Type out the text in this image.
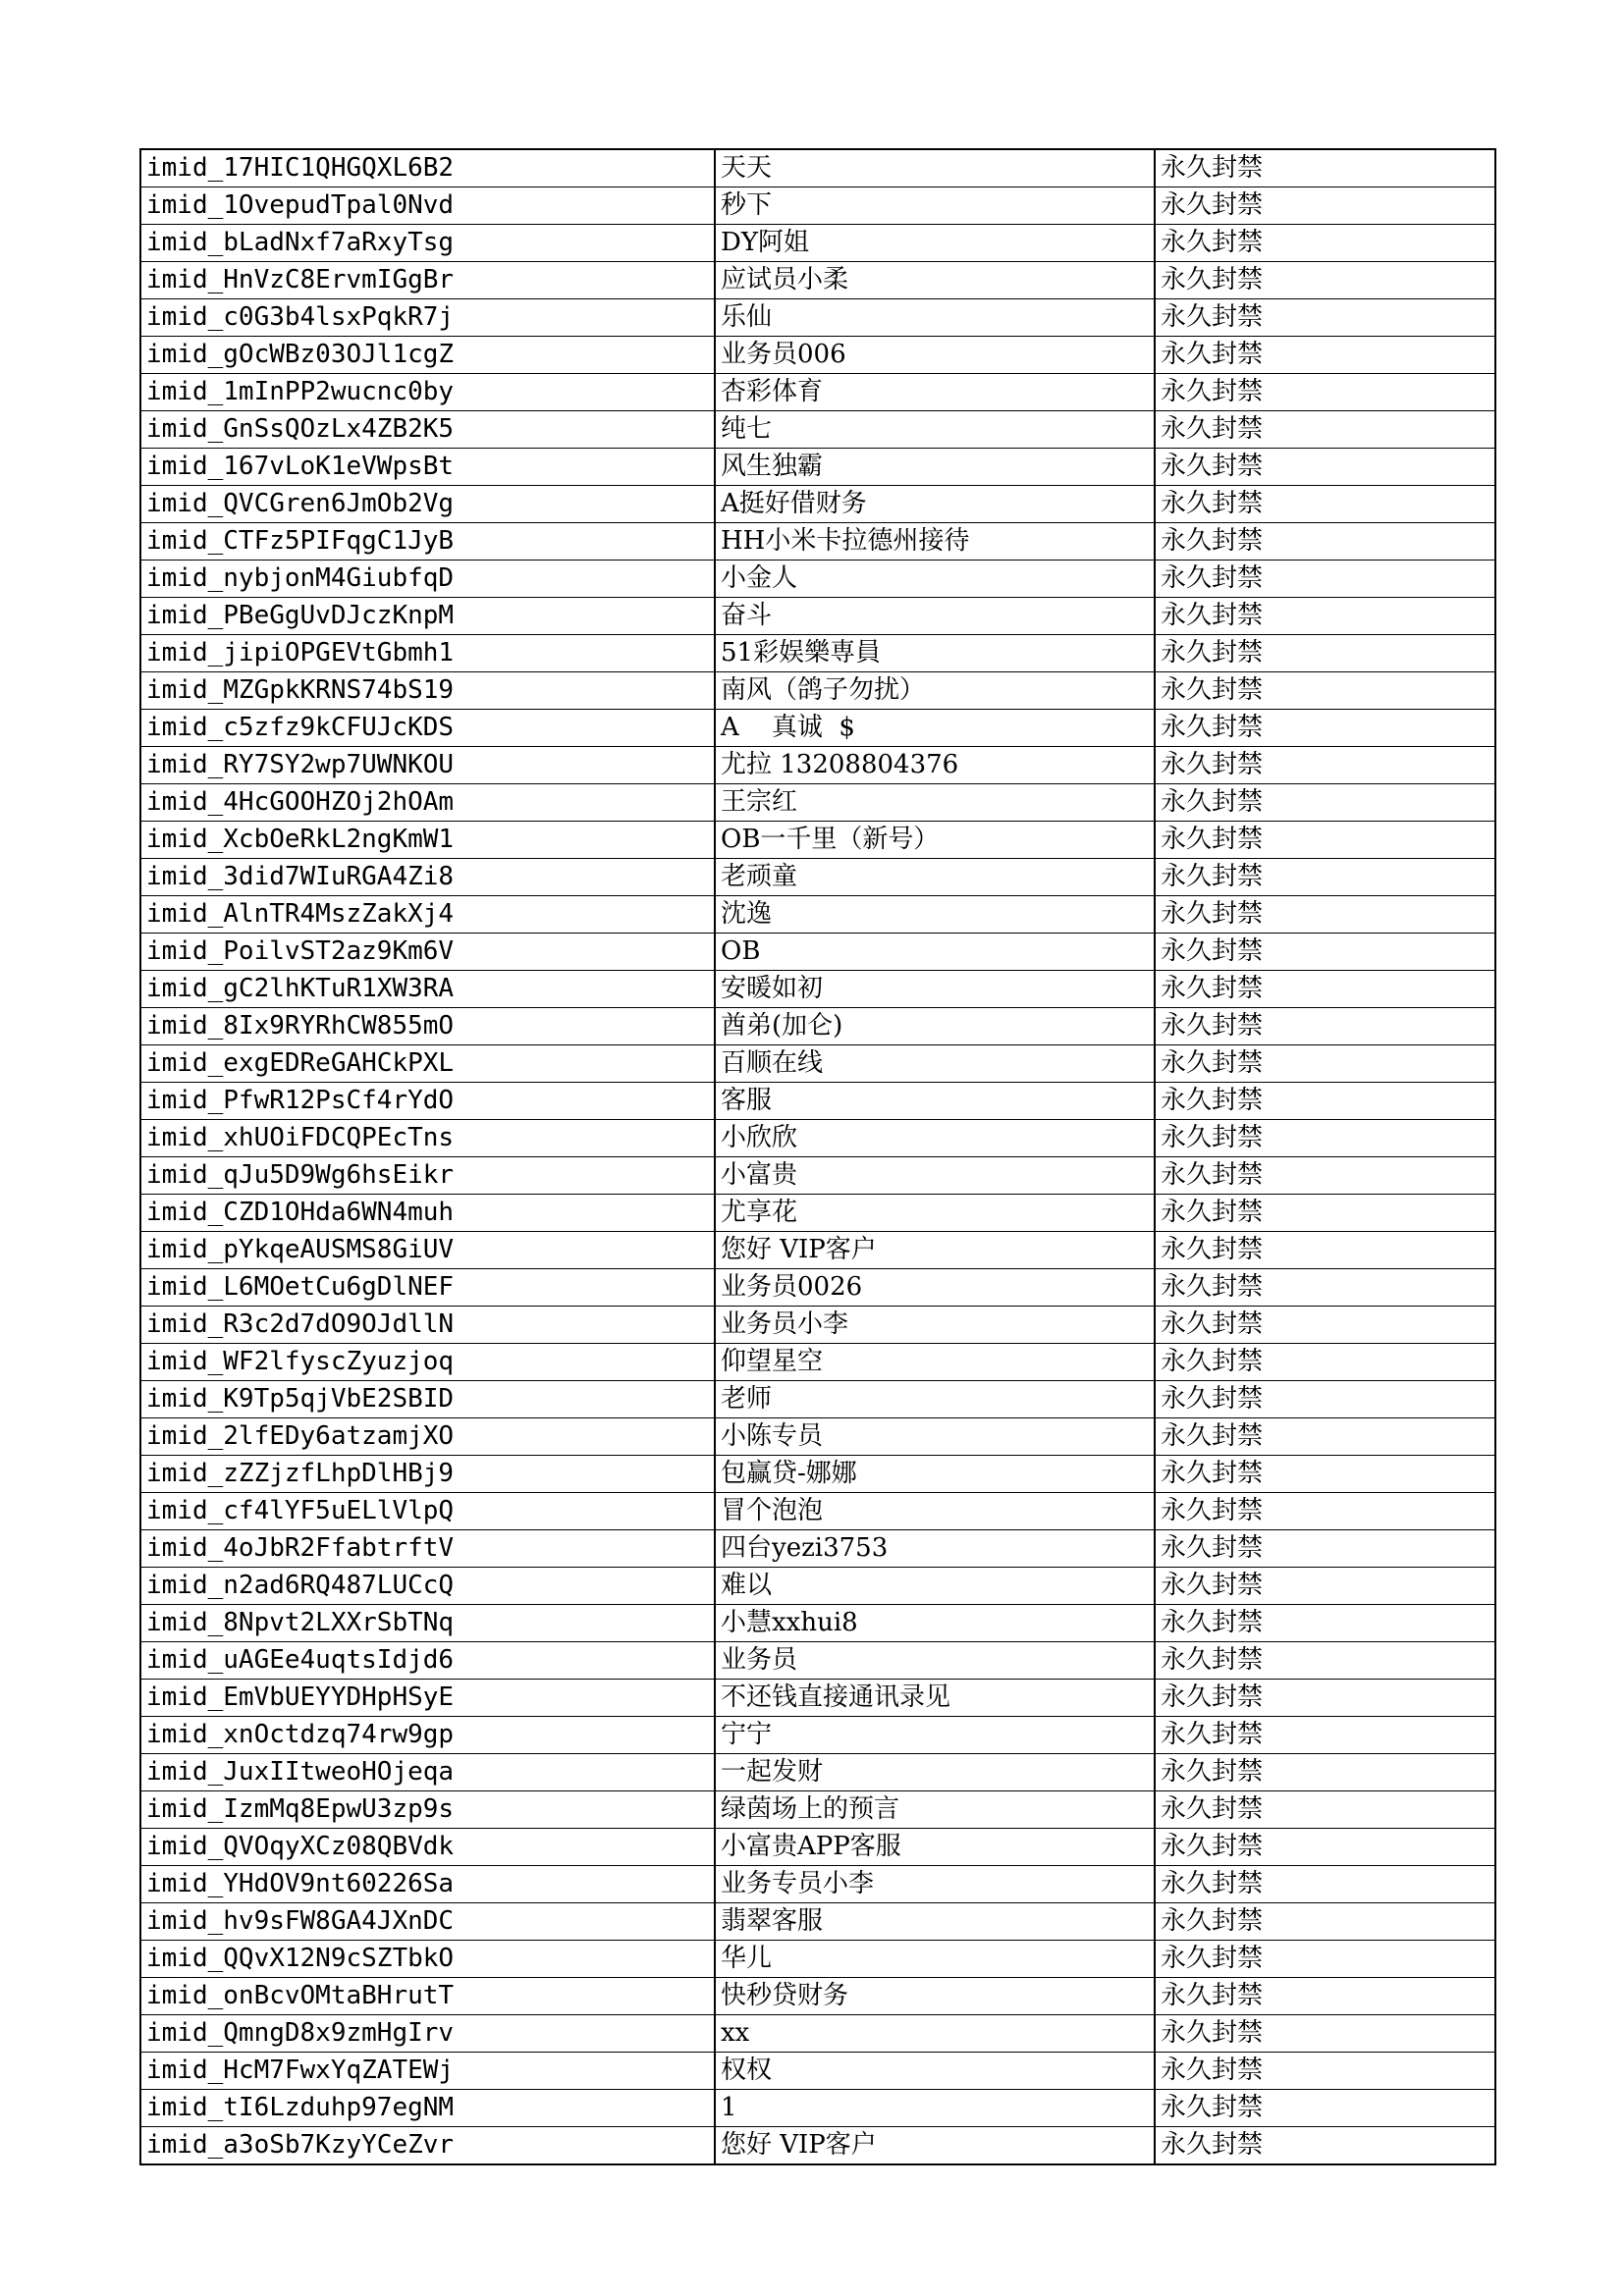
imid_17HIC1QHGQXL6B2	天天	永久封禁
imid_1OvepudTpal0Nvd	秒下	永久封禁
imid_bLadNxf7aRxyTsg	DY阿姐	永久封禁
imid_HnVzC8ErvmIGgBr	应试员小柔	永久封禁
imid_c0G3b4lsxPqkR7j	乐仙	永久封禁
imid_gOcWBz03OJl1cgZ	业务员006	永久封禁
imid_1mInPP2wucnc0by	杏彩体育	永久封禁
imid_GnSsQOzLx4ZB2K5	纯七	永久封禁
imid_167vLoK1eVWpsBt	风生独霸	永久封禁
imid_QVCGren6JmOb2Vg	A挺好借财务	永久封禁
imid_CTFz5PIFqgC1JyB	HH小米卡拉德州接待	永久封禁
imid_nybjonM4GiubfqD	小金人	永久封禁
imid_PBeGgUvDJczKnpM	奋斗	永久封禁
imid_jipiOPGEVtGbmh1	51彩娱樂専員	永久封禁
imid_MZGpkKRNS74bS19	南风（鸽子勿扰）	永久封禁
imid_c5zfz9kCFUJcKDS	A    真诚  $	永久封禁
imid_RY7SY2wp7UWNKOU	尤拉 13208804376	永久封禁
imid_4HcGOOHZOj2hOAm	王宗红	永久封禁
imid_XcbOeRkL2ngKmW1	OB一千里（新号）	永久封禁
imid_3did7WIuRGA4Zi8	老顽童	永久封禁
imid_AlnTR4MszZakXj4	沈逸	永久封禁
imid_PoilvST2az9Km6V	OB	永久封禁
imid_gC2lhKTuR1XW3RA	安暖如初	永久封禁
imid_8Ix9RYRhCW855mO	酋弟(加仑)	永久封禁
imid_exgEDReGAHCkPXL	百顺在线	永久封禁
imid_PfwR12PsCf4rYdO	客服	永久封禁
imid_xhUOiFDCQPEcTns	小欣欣	永久封禁
imid_qJu5D9Wg6hsEikr	小富贵	永久封禁
imid_CZD1OHda6WN4muh	尤享花	永久封禁
imid_pYkqeAUSMS8GiUV	您好 VIP客户	永久封禁
imid_L6MOetCu6gDlNEF	业务员0026	永久封禁
imid_R3c2d7dO9OJdllN	业务员小李	永久封禁
imid_WF2lfyscZyuzjoq	仰望星空	永久封禁
imid_K9Tp5qjVbE2SBID	老师	永久封禁
imid_2lfEDy6atzamjXO	小陈专员	永久封禁
imid_zZZjzfLhpDlHBj9	包赢贷-娜娜	永久封禁
imid_cf4lYF5uELlVlpQ	冒个泡泡	永久封禁
imid_4oJbR2FfabtrftV	四台yezi3753	永久封禁
imid_n2ad6RQ487LUCcQ	难以	永久封禁
imid_8Npvt2LXXrSbTNq	小慧xxhui8	永久封禁
imid_uAGEe4uqtsIdjd6	业务员	永久封禁
imid_EmVbUEYYDHpHSyE	不还钱直接通讯录见	永久封禁
imid_xnOctdzq74rw9gp	宁宁	永久封禁
imid_JuxIItweoHOjeqa	一起发财	永久封禁
imid_IzmMq8EpwU3zp9s	绿茵场上的预言	永久封禁
imid_QVOqyXCz08QBVdk	小富贵APP客服	永久封禁
imid_YHdOV9nt60226Sa	业务专员小李	永久封禁
imid_hv9sFW8GA4JXnDC	翡翠客服	永久封禁
imid_QQvX12N9cSZTbkO	华儿	永久封禁
imid_onBcvOMtaBHrutT	快秒贷财务	永久封禁
imid_QmngD8x9zmHgIrv	xx	永久封禁
imid_HcM7FwxYqZATEWj	权权	永久封禁
imid_tI6Lzduhp97egNM	1	永久封禁
imid_a3oSb7KzyYCeZvr	您好 VIP客户	永久封禁
